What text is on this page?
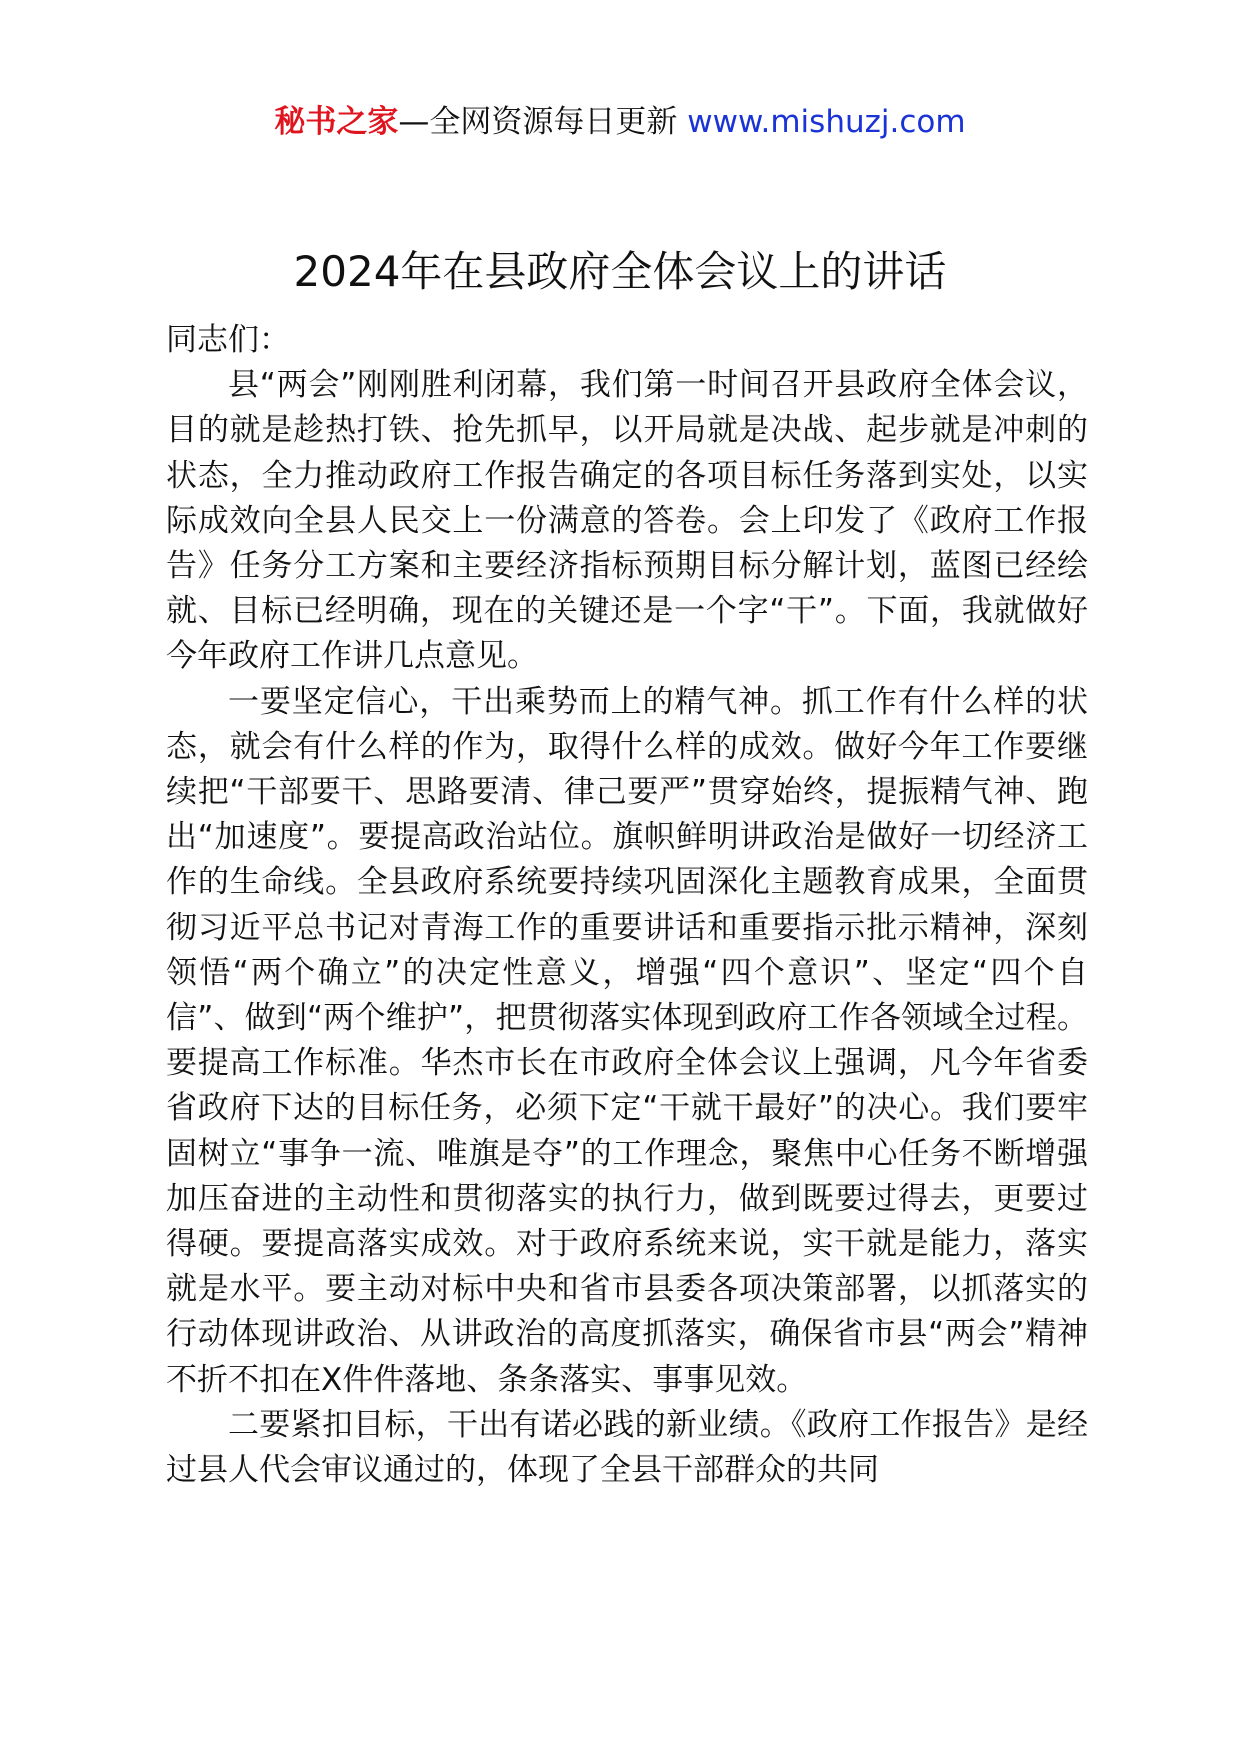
秘书之家—全网资源每日更新 www.mishuzj.com
2024年在县政府全体会议上的讲话

同志们：

县“两会”刚刚胜利闭幕，我们第一时间召开县政府全体会议，目的就是趁热打铁、抢先抓早，以开局就是决战、起步就是冲刺的状态，全力推动政府工作报告确定的各项目标任务落到实处，以实际成效向全县人民交上一份满意的答卷。会上印发了《政府工作报告》任务分工方案和主要经济指标预期目标分解计划，蓝图已经绘就、目标已经明确，现在的关键还是一个字“干”。下面，我就做好今年政府工作讲几点意见。

一要坚定信心，干出乘势而上的精气神。抓工作有什么样的状态，就会有什么样的作为，取得什么样的成效。做好今年工作要继续把“干部要干、思路要清、律己要严”贯穿始终，提振精气神、跑出“加速度”。要提高政治站位。旗帜鲜明讲政治是做好一切经济工作的生命线。全县政府系统要持续巩固深化主题教育成果，全面贯彻习近平总书记对青海工作的重要讲话和重要指示批示精神，深刻领悟“两个确立”的决定性意义，增强“四个意识”、坚定“四个自信”、做到“两个维护”，把贯彻落实体现到政府工作各领域全过程。要提高工作标准。华杰市长在市政府全体会议上强调，凡今年省委省政府下达的目标任务，必须下定“干就干最好”的决心。我们要牢固树立“事争一流、唯旗是夺”的工作理念，聚焦中心任务不断增强加压奋进的主动性和贯彻落实的执行力，做到既要过得去，更要过得硬。要提高落实成效。对于政府系统来说，实干就是能力，落实就是水平。要主动对标中央和省市县委各项决策部署，以抓落实的行动体现讲政治、从讲政治的高度抓落实，确保省市县“两会”精神不折不扣在X件件落地、条条落实、事事见效。

二要紧扣目标，干出有诺必践的新业绩。《政府工作报告》是经过县人代会审议通过的，体现了全县干部群众的共同
